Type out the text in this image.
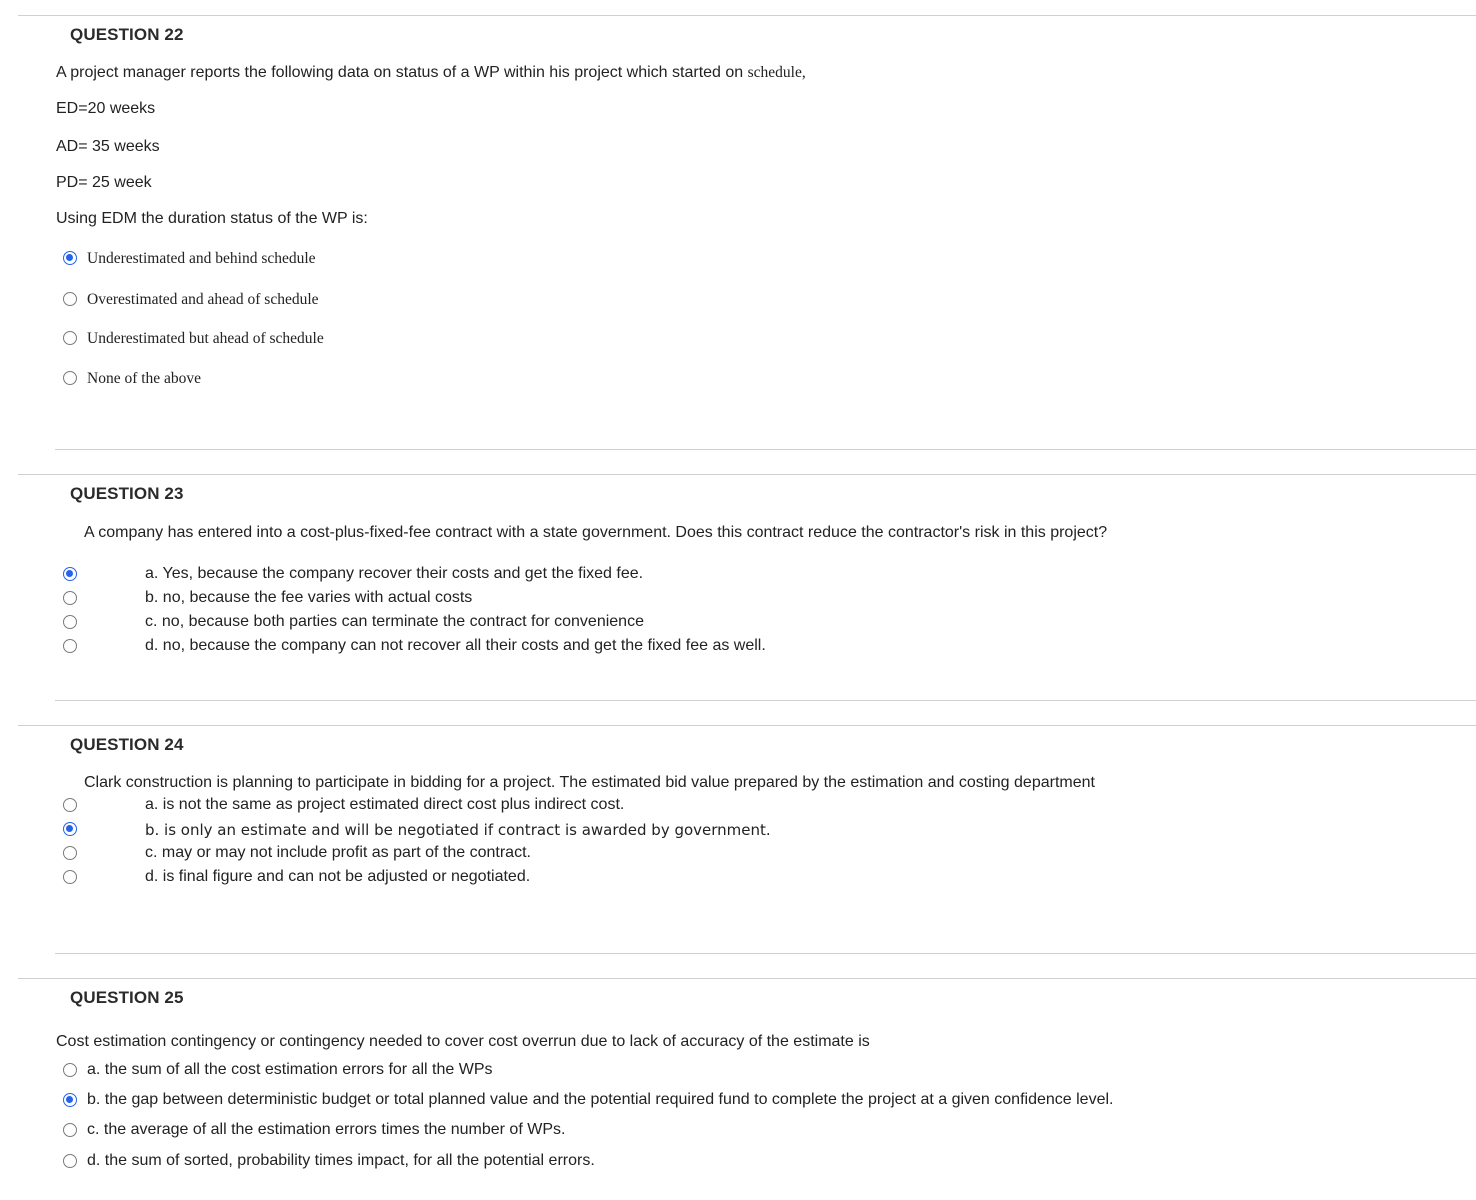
QUESTION 22
A project manager reports the following data on status of a WP within his project which started on schedule,
ED=20 weeks
AD= 35 weeks
PD= 25 week
Using EDM the duration status of the WP is:
Underestimated and behind schedule
Overestimated and ahead of schedule
Underestimated but ahead of schedule
None of the above
QUESTION 23
A company has entered into a cost-plus-fixed-fee contract with a state government. Does this contract reduce the contractor's risk in this project?
a. Yes, because the company recover their costs and get the fixed fee.
b. no, because the fee varies with actual costs
c. no, because both parties can terminate the contract for convenience
d. no, because the company can not recover all their costs and get the fixed fee as well.
QUESTION 24
Clark construction is planning to participate in bidding for a project. The estimated bid value prepared by the estimation and costing department
a. is not the same as project estimated direct cost plus indirect cost.
b. is only an estimate and will be negotiated if contract is awarded by government.
c. may or may not include profit as part of the contract.
d. is final figure and can not be adjusted or negotiated.
QUESTION 25
Cost estimation contingency or contingency needed to cover cost overrun due to lack of accuracy of the estimate is
a. the sum of all the cost estimation errors for all the WPs
b. the gap between deterministic budget or total planned value and the potential required fund to complete the project at a given confidence level.
c. the average of all the estimation errors times the number of WPs.
d. the sum of sorted, probability times impact, for all the potential errors.
